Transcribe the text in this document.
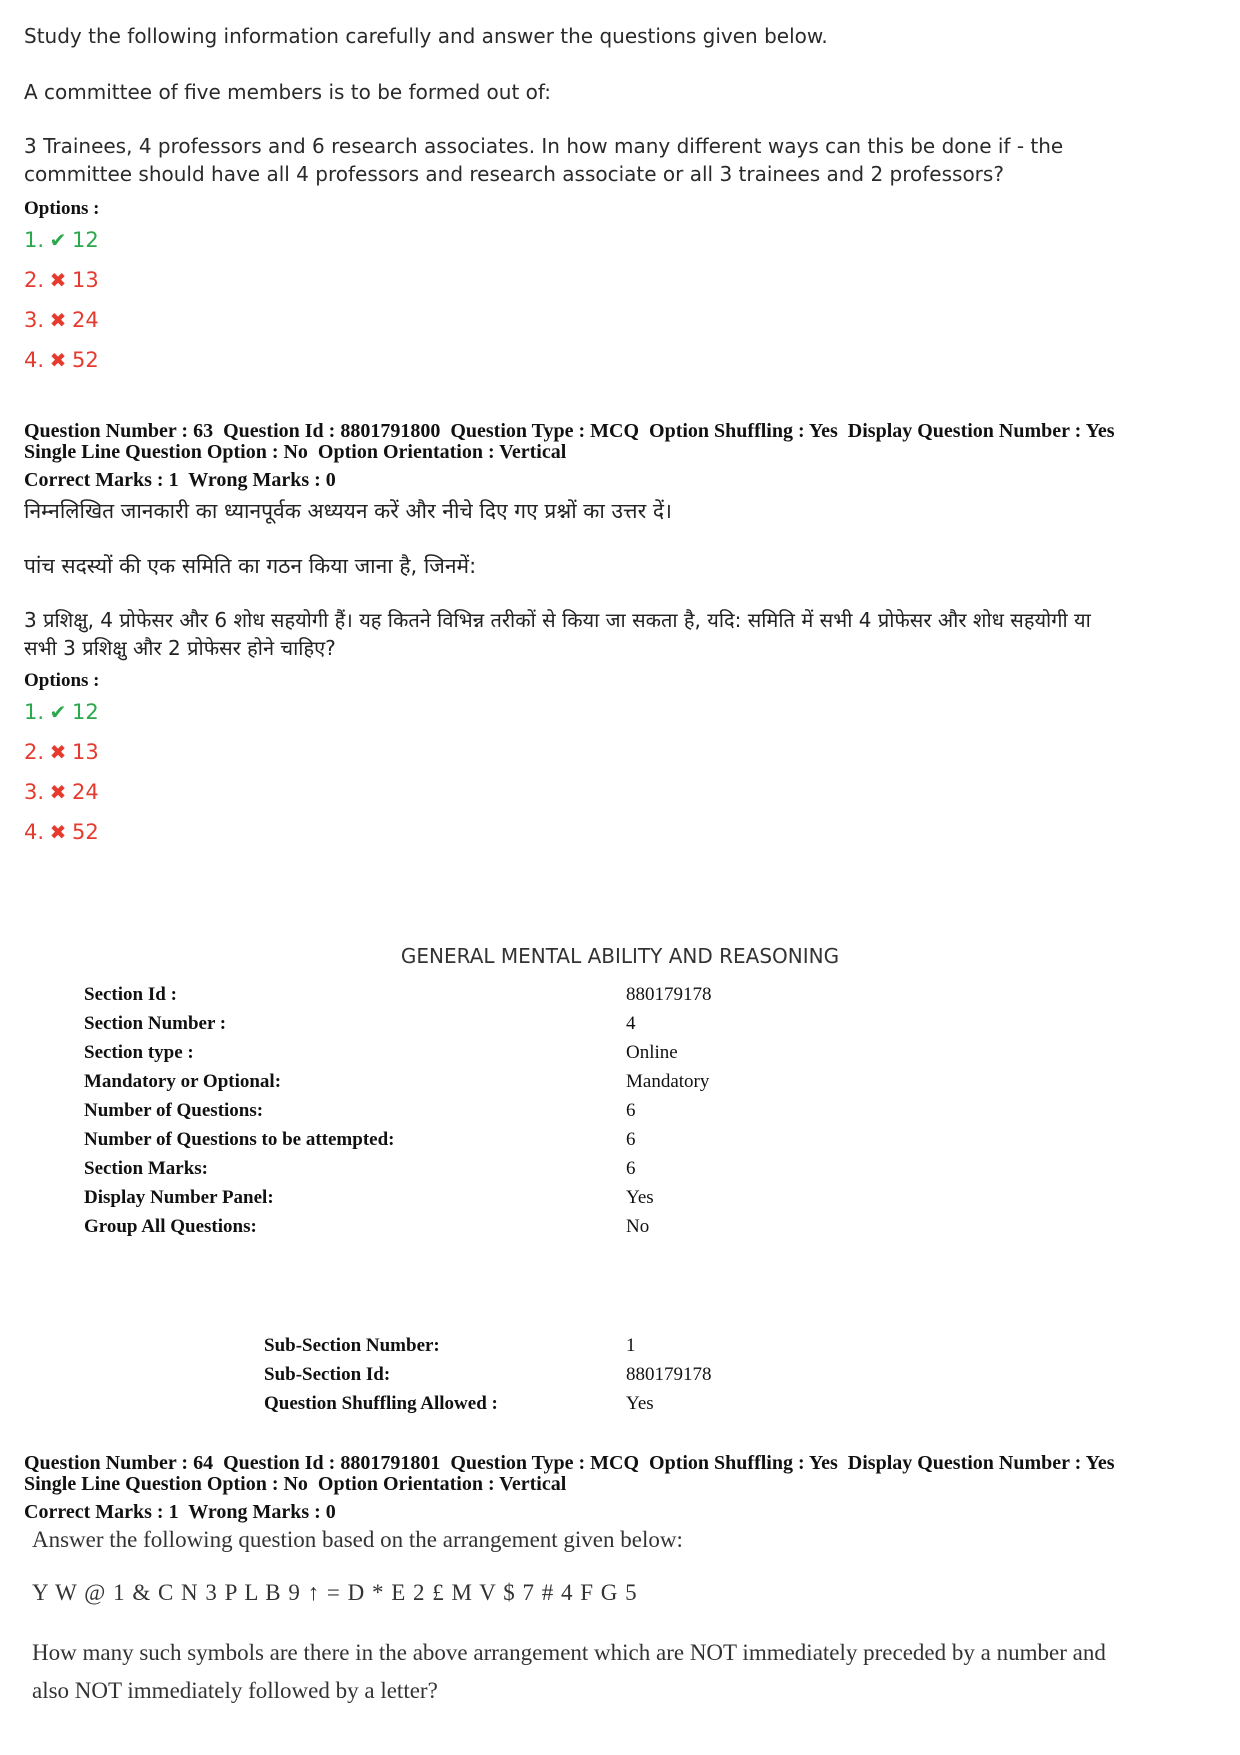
Study the following information carefully and answer the questions given below.
A committee of five members is to be formed out of:
3 Trainees, 4 professors and 6 research associates. In how many different ways can this be done if - the
committee should have all 4 professors and research associate or all 3 trainees and 2 professors?
Options :
1. ✔ 12
2. ✖ 13
3. ✖ 24
4. ✖ 52
Question Number : 63  Question Id : 8801791800  Question Type : MCQ  Option Shuffling : Yes  Display Question Number : Yes
Single Line Question Option : No  Option Orientation : Vertical
Correct Marks : 1  Wrong Marks : 0
निम्नलिखित जानकारी का ध्यानपूर्वक अध्ययन करें और नीचे दिए गए प्रश्नों का उत्तर दें।
पांच सदस्यों की एक समिति का गठन किया जाना है, जिनमें:
3 प्रशिक्षु, 4 प्रोफेसर और 6 शोध सहयोगी हैं। यह कितने विभिन्न तरीकों से किया जा सकता है, यदि: समिति में सभी 4 प्रोफेसर और शोध सहयोगी या
सभी 3 प्रशिक्षु और 2 प्रोफेसर होने चाहिए?
Options :
1. ✔ 12
2. ✖ 13
3. ✖ 24
4. ✖ 52
GENERAL MENTAL ABILITY AND REASONING
Section Id :	880179178
Section Number :	4
Section type :	Online
Mandatory or Optional:	Mandatory
Number of Questions:	6
Number of Questions to be attempted:	6
Section Marks:	6
Display Number Panel:	Yes
Group All Questions:	No
Sub-Section Number:	1
Sub-Section Id:	880179178
Question Shuffling Allowed :	Yes
Question Number : 64  Question Id : 8801791801  Question Type : MCQ  Option Shuffling : Yes  Display Question Number : Yes
Single Line Question Option : No  Option Orientation : Vertical
Correct Marks : 1  Wrong Marks : 0
Answer the following question based on the arrangement given below:
Y W @ 1 & C N 3 P L B 9 ↑ = D * E 2 £ M V $ 7 # 4 F G 5
How many such symbols are there in the above arrangement which are NOT immediately preceded by a number and
also NOT immediately followed by a letter?
